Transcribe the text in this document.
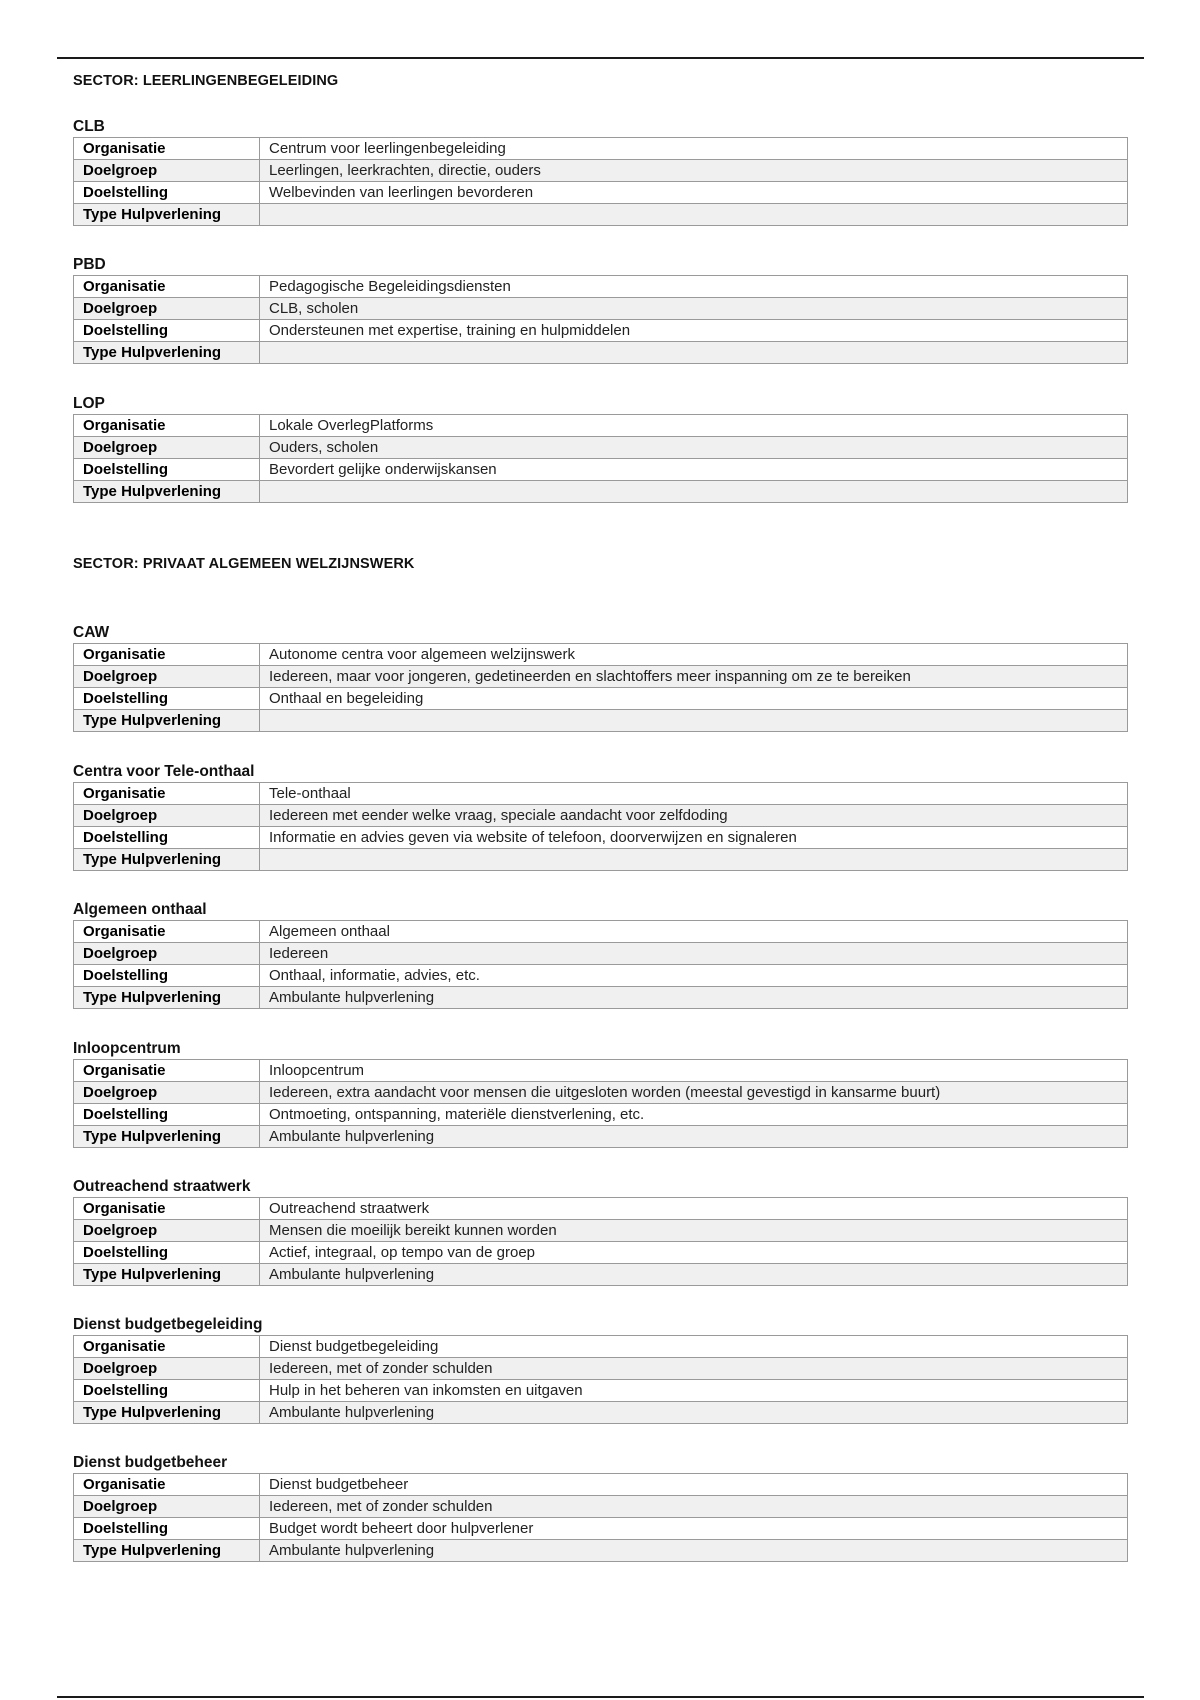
SECTOR: LEERLINGENBEGELEIDING
SECTOR: PRIVAAT ALGEMEEN WELZIJNSWERK
CLB
Organisatie	Centrum voor leerlingenbegeleiding
Doelgroep	Leerlingen, leerkrachten, directie, ouders
Doelstelling	Welbevinden van leerlingen bevorderen
Type Hulpverlening	
PBD
Organisatie	Pedagogische Begeleidingsdiensten
Doelgroep	CLB, scholen
Doelstelling	Ondersteunen met expertise, training en hulpmiddelen
Type Hulpverlening	
LOP
Organisatie	Lokale OverlegPlatforms
Doelgroep	Ouders, scholen
Doelstelling	Bevordert gelijke onderwijskansen
Type Hulpverlening	
CAW
Organisatie	Autonome centra voor algemeen welzijnswerk
Doelgroep	Iedereen, maar voor jongeren, gedetineerden en slachtoffers meer inspanning om ze te bereiken
Doelstelling	Onthaal en begeleiding
Type Hulpverlening	
Centra voor Tele-onthaal
Organisatie	Tele-onthaal
Doelgroep	Iedereen met eender welke vraag, speciale aandacht voor zelfdoding
Doelstelling	Informatie en advies geven via website of telefoon, doorverwijzen en signaleren
Type Hulpverlening	
Algemeen onthaal
Organisatie	Algemeen onthaal
Doelgroep	Iedereen
Doelstelling	Onthaal, informatie, advies, etc.
Type Hulpverlening	Ambulante hulpverlening
Inloopcentrum
Organisatie	Inloopcentrum
Doelgroep	Iedereen, extra aandacht voor mensen die uitgesloten worden (meestal gevestigd in kansarme buurt)
Doelstelling	Ontmoeting, ontspanning, materiële dienstverlening, etc.
Type Hulpverlening	Ambulante hulpverlening
Outreachend straatwerk
Organisatie	Outreachend straatwerk
Doelgroep	Mensen die moeilijk bereikt kunnen worden
Doelstelling	Actief, integraal, op tempo van de groep
Type Hulpverlening	Ambulante hulpverlening
Dienst budgetbegeleiding
Organisatie	Dienst budgetbegeleiding
Doelgroep	Iedereen, met of zonder schulden
Doelstelling	Hulp in het beheren van inkomsten en uitgaven
Type Hulpverlening	Ambulante hulpverlening
Dienst budgetbeheer
Organisatie	Dienst budgetbeheer
Doelgroep	Iedereen, met of zonder schulden
Doelstelling	Budget wordt beheert door hulpverlener
Type Hulpverlening	Ambulante hulpverlening
